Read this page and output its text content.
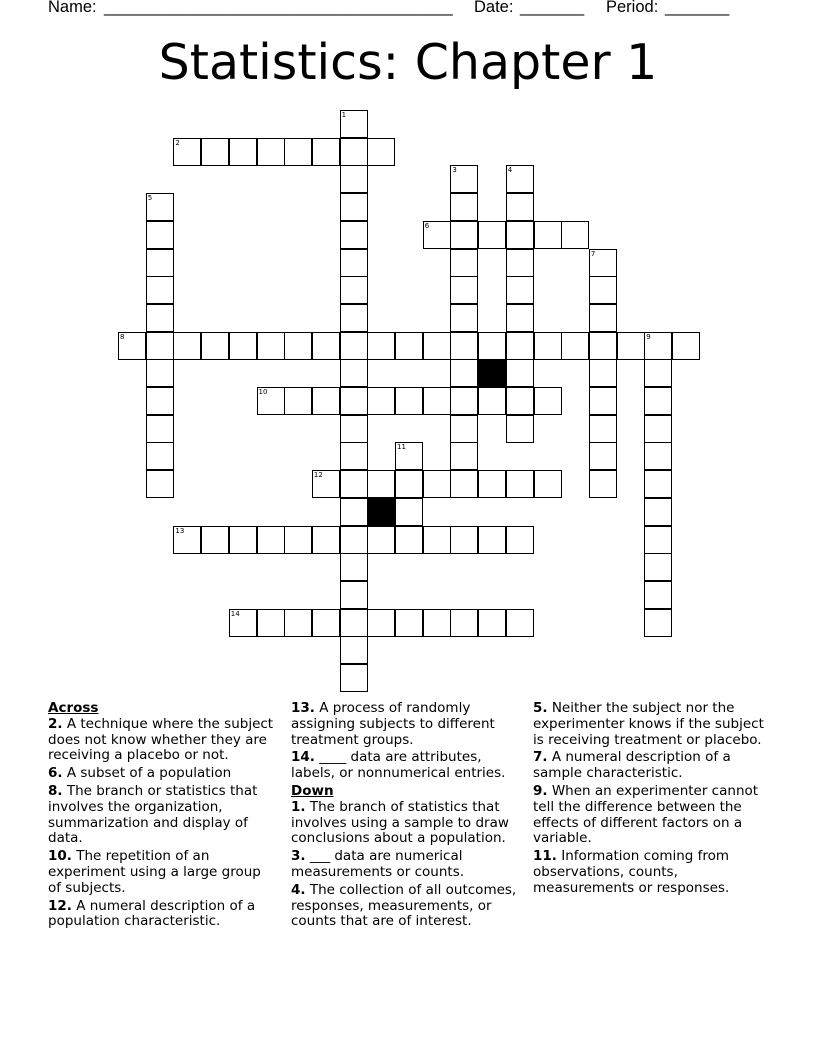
Name: ______________________________________ Date: _______ Period: _______
Statistics: Chapter 1
1
2
3	4
5
6
7
8	9
10
11
12
13
14
Across
2. A technique where the subject does not know whether they are receiving a placebo or not.
6. A subset of a population
8. The branch or statistics that involves the organization, summarization and display of data.
10. The repetition of an experiment using a large group of subjects.
12. A numeral description of a population characteristic.
13. A process of randomly assigning subjects to different treatment groups.
14. ____ data are attributes, labels, or nonnumerical entries.
Down
1. The branch of statistics that involves using a sample to draw conclusions about a population.
3. ___ data are numerical measurements or counts.
4. The collection of all outcomes, responses, measurements, or counts that are of interest.
5. Neither the subject nor the experimenter knows if the subject is receiving treatment or placebo.
7. A numeral description of a sample characteristic.
9. When an experimenter cannot tell the difference between the effects of different factors on a variable.
11. Information coming from observations, counts, measurements or responses.
